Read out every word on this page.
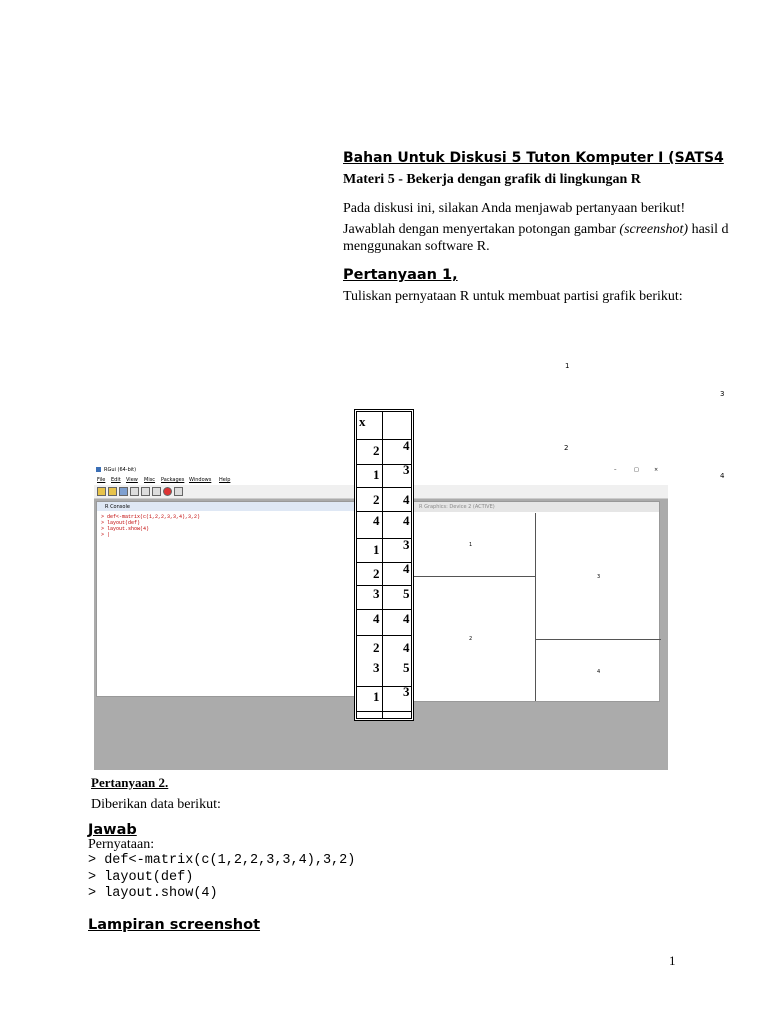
Bahan Untuk Diskusi 5 Tuton Komputer I (SATS4
Materi 5 - Bekerja dengan grafik di lingkungan R
Pada diskusi ini, silakan Anda menjawab pertanyaan berikut!
Jawablah dengan menyertakan potongan gambar (screenshot) hasil d
menggunakan software R.
Pertanyaan 1,
Tuliskan pernyataan R untuk membuat partisi grafik berikut:
1
3
2
4
RGui (64-bit)	–	□	×
File Edit View Misc Packages Windows Help
R Console
> def<-matrix(c(1,2,2,3,3,4),3,2)
> layout(def)
> layout.show(4)
> |
R Graphics: Device 2 (ACTIVE)
1
3
2
4
x
2 4
1 3
2 4
4 4
1 3
2 4
3 5
4 4
2 4
3 5
1 3
Pertanyaan 2.
Diberikan data berikut:
Jawab
Pernyataan:
> def<-matrix(c(1,2,2,3,3,4),3,2)
> layout(def)
> layout.show(4)
Lampiran screenshot
1
